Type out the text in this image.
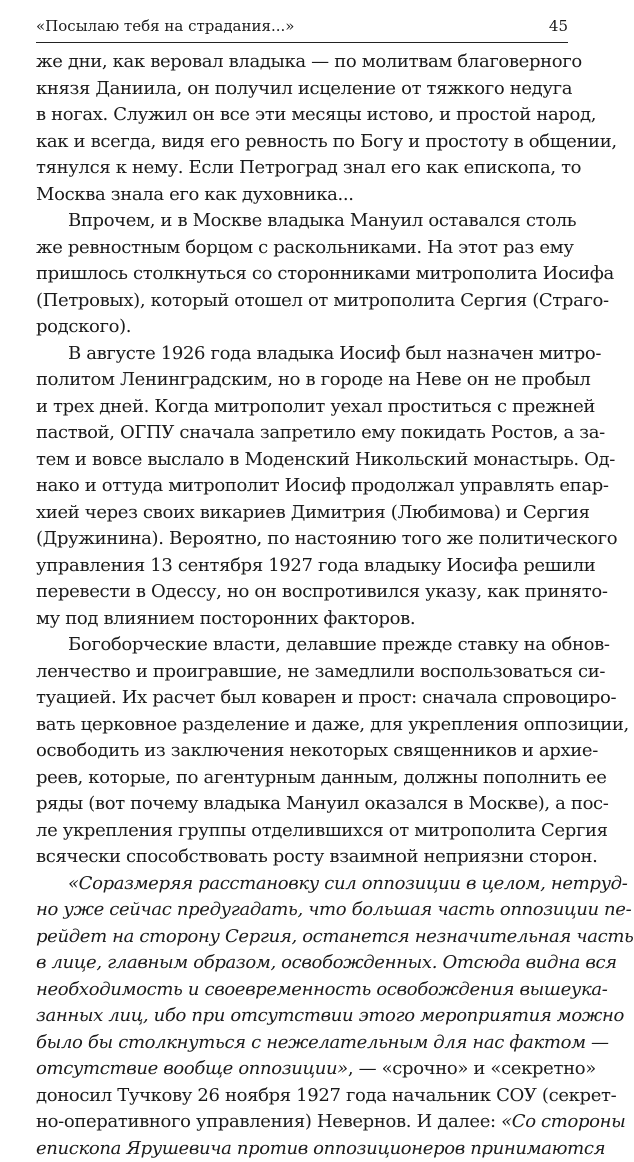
«Посылаю тебя на страдания...»	45
же дни, как веровал владыка — по молитвам благоверного
князя Даниила, он получил исцеление от тяжкого недуга
в ногах. Служил он все эти месяцы истово, и простой народ,
как и всегда, видя его ревность по Богу и простоту в общении,
тянулся к нему. Если Петроград знал его как епископа, то
Москва знала его как духовника...
Впрочем, и в Москве владыка Мануил оставался столь
же ревностным борцом с раскольниками. На этот раз ему
пришлось столкнуться со сторонниками митрополита Иосифа
(Петровых), который отошел от митрополита Сергия (Страго-
родского).
В августе 1926 года владыка Иосиф был назначен митро-
политом Ленинградским, но в городе на Неве он не пробыл
и трех дней. Когда митрополит уехал проститься с прежней
паствой, ОГПУ сначала запретило ему покидать Ростов, а за-
тем и вовсе выслало в Моденский Никольский монастырь. Од-
нако и оттуда митрополит Иосиф продолжал управлять епар-
хией через своих викариев Димитрия (Любимова) и Сергия
(Дружинина). Вероятно, по настоянию того же политического
управления 13 сентября 1927 года владыку Иосифа решили
перевести в Одессу, но он воспротивился указу, как принято-
му под влиянием посторонних факторов.
Богоборческие власти, делавшие прежде ставку на обнов-
ленчество и проигравшие, не замедлили воспользоваться си-
туацией. Их расчет был коварен и прост: сначала спровоциро-
вать церковное разделение и даже, для укрепления оппозиции,
освободить из заключения некоторых священников и архие-
реев, которые, по агентурным данным, должны пополнить ее
ряды (вот почему владыка Мануил оказался в Москве), а пос-
ле укрепления группы отделившихся от митрополита Сергия
всячески способствовать росту взаимной неприязни сторон.
«Соразмеряя расстановку сил оппозиции в целом, нетруд-
но уже сейчас предугадать, что большая часть оппозиции пе-
рейдет на сторону Сергия, останется незначительная часть
в лице, главным образом, освобожденных. Отсюда видна вся
необходимость и своевременность освобождения вышеука-
занных лиц, ибо при отсутствии этого мероприятия можно
было бы столкнуться с нежелательным для нас фактом —
отсутствие вообще оппозиции», — «срочно» и «секретно»
доносил Тучкову 26 ноября 1927 года начальник СОУ (секрет-
но-оперативного управления) Невернов. И далее: «Со стороны
епископа Ярушевича против оппозиционеров принимаются
